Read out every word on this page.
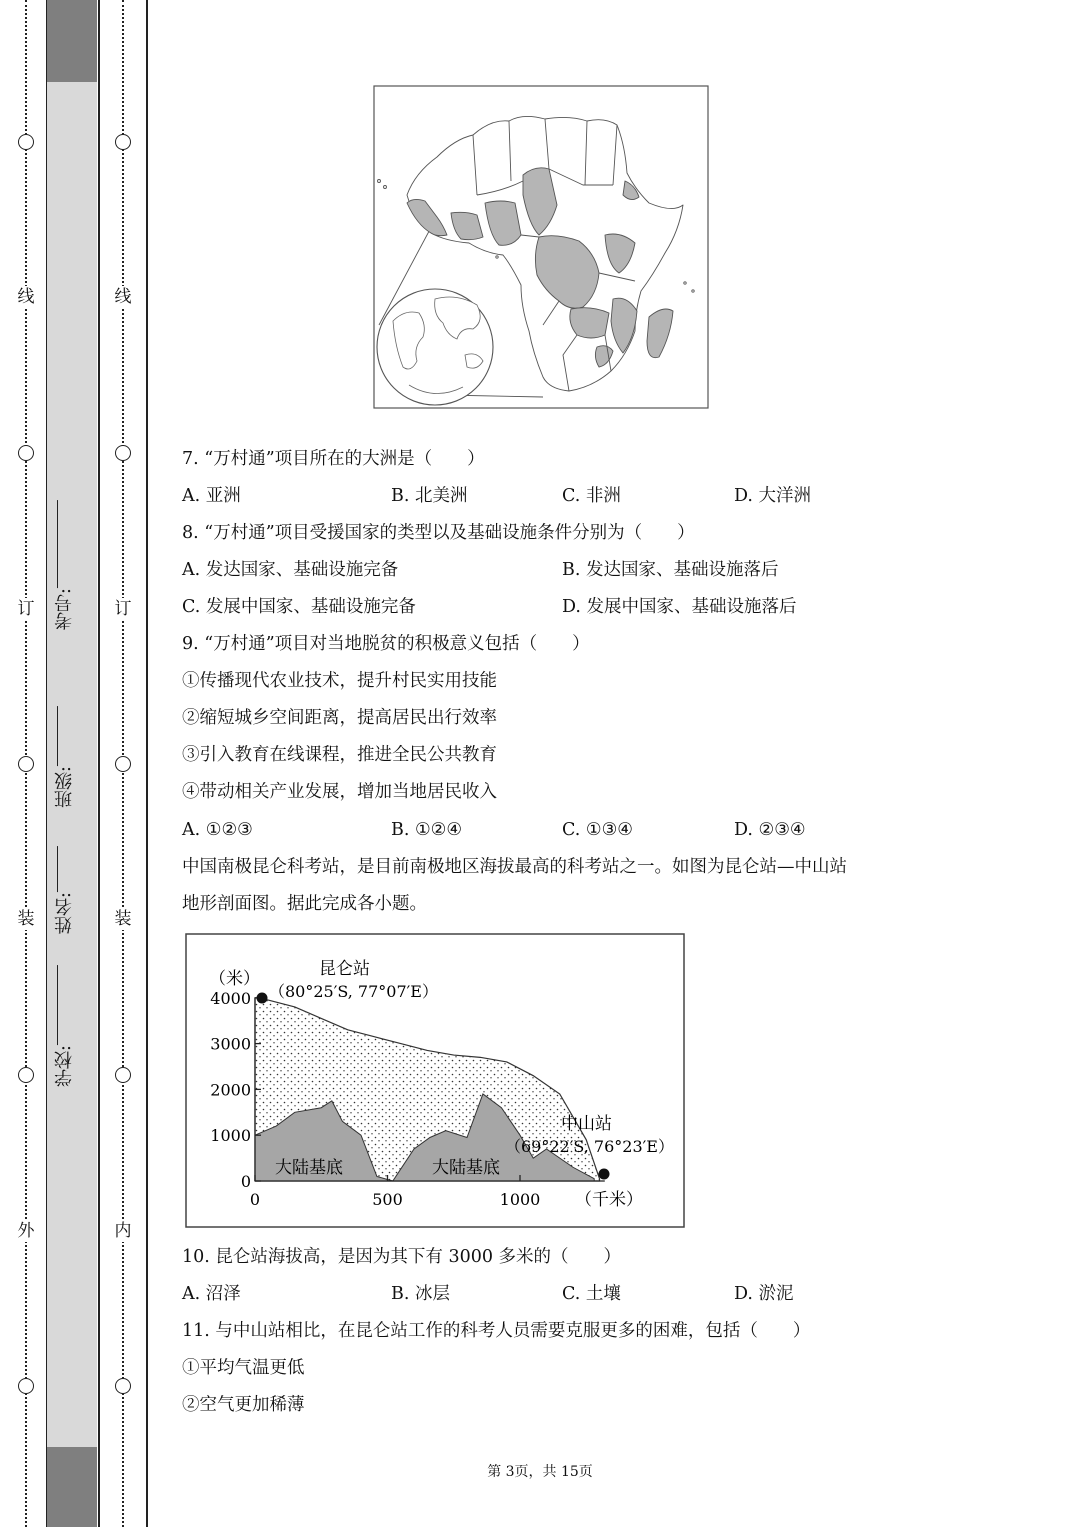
线
订
装
外
线
订
装
内
学校:
姓名:
班级:
考号:
7. “万村通”项目所在的大洲是（　　）
A. 亚洲	B. 北美洲	C. 非洲	D. 大洋洲
8. “万村通”项目受援国家的类型以及基础设施条件分别为（　　）
A. 发达国家、基础设施完备	B. 发达国家、基础设施落后
C. 发展中国家、基础设施完备	D. 发展中国家、基础设施落后
9. “万村通”项目对当地脱贫的积极意义包括（　　）
①传播现代农业技术，提升村民实用技能
②缩短城乡空间距离，提高居民出行效率
③引入教育在线课程，推进全民公共教育
④带动相关产业发展，增加当地居民收入
A. ①②③	B. ①②④	C. ①③④	D. ②③④
中国南极昆仑科考站，是目前南极地区海拔最高的科考站之一。如图为昆仑站—中山站
地形剖面图。据此完成各小题。
4000
3000
2000
1000
0
0	500	1000
（米）
（千米）
昆仑站
（80°25′S, 77°07′E）
中山站
（69°22′S, 76°23′E）
大陆基底	大陆基底
10. 昆仑站海拔高，是因为其下有 3000 多米的（　　）
A. 沼泽	B. 冰层	C. 土壤	D. 淤泥
11. 与中山站相比，在昆仑站工作的科考人员需要克服更多的困难，包括（　　）
①平均气温更低
②空气更加稀薄
第 3页，共 15页
